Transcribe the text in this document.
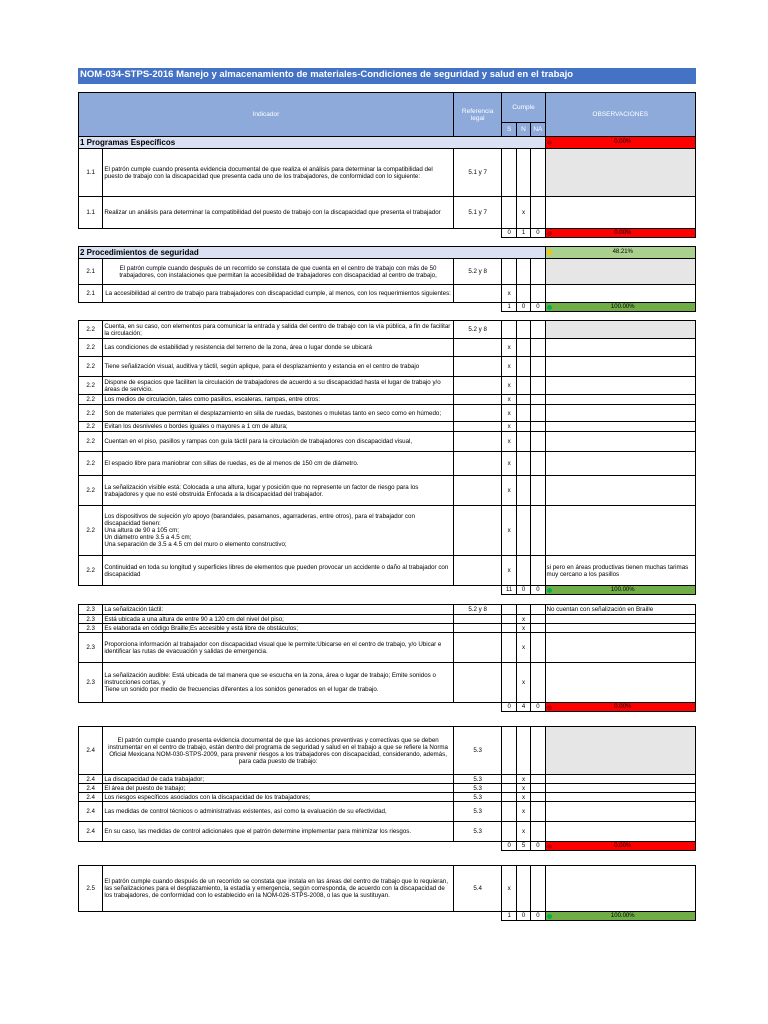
NOM-034-STPS-2016 Manejo y almacenamiento de materiales-Condiciones de seguridad y salud en el trabajo
Indicador		Referencia legal	Cumple			OBSERVACIONES
			S	N	NA	
1 Programas Específicos						0.00%
1.1	El patrón cumple cuando presenta evidencia documental de que realiza el análisis para determinar la compatibilidad del puesto de trabajo con la discapacidad que presenta cada uno de los trabajadores, de conformidad con lo siguiente:	5.1 y 7				
1.1	Realizar un análisis para determinar la compatibilidad del puesto de trabajo con la discapacidad que presenta el trabajador	5.1 y 7		x		
			0	1	0	0.00%

2 Procedimientos de seguridad						48.21%
2.1	El patrón cumple cuando después de un recorrido se constata de que cuenta en el centro de trabajo con más de 50 trabajadores, con instalaciones que permitan la accesibilidad de trabajadores con discapacidad al centro de trabajo,	5.2 y 8				
2.1	La accesibilidad al centro de trabajo para trabajadores con discapacidad cumple, al menos, con los requerimientos siguientes:		x			
			1	0	0	100.00%

2.2	Cuenta, en su caso, con elementos para comunicar la entrada y salida del centro de trabajo con la vía pública, a fin de facilitar la circulación;	5.2 y 8				
2.2	Las condiciones de estabilidad y resistencia del terreno de la zona, área o lugar donde se ubicará		x			
2.2	Tiene señalización visual, auditiva y táctil, según aplique, para el desplazamiento y estancia en el centro de trabajo		x			
2.2	Dispone de espacios que faciliten la circulación de trabajadores de acuerdo a su discapacidad hasta el lugar de trabajo y/o áreas de servicio.		x			
2.2	Los medios de circulación, tales como pasillos, escaleras, rampas, entre otros:		x			
2.2	Son de materiales que permitan el desplazamiento en silla de ruedas, bastones o muletas tanto en seco como en húmedo;		x			
2.2	Evitan los desniveles o bordes iguales o mayores a 1 cm de altura;		x			
2.2	Cuentan en el piso, pasillos y rampas con guía táctil para la circulación de trabajadores con discapacidad visual,		x			
2.2	El espacio libre para maniobrar con sillas de ruedas, es de al menos de 150 cm de diámetro.		x			
2.2	La señalización visible está: Colocada a una altura, lugar y posición que no represente un factor de riesgo para los trabajadores y que no esté obstruida Enfocada a la discapacidad del trabajador.		x			
2.2	Los dispositivos de sujeción y/o apoyo (barandales, pasamanos, agarraderas, entre otros), para el trabajador con discapacidad tienen:
Una altura de 90 a 105 cm;
Un diámetro entre 3.5 a 4.5 cm;
Una separación de 3.5 a 4.5 cm del muro o elemento constructivo;		x			
2.2	Continuidad en toda su longitud y superficies libres de elementos que pueden provocar un accidente o daño al trabajador con discapacidad		x			si pero en áreas productivas tienen muchas tarimas muy cercano a los pasillos
			11	0	0	100.00%

2.3	La señalización táctil:	5.2 y 8				No cuentan con señalización en Braille
2.3	Está ubicada a una altura de entre 90 a 120 cm del nivel del piso;			x		
2.3	Es elaborada en código Braille;Es accesible y está libre de obstáculos;			x		
2.3	Proporciona información al trabajador con discapacidad visual que le permite:Ubicarse en el centro de trabajo, y/o Ubicar e identificar las rutas de evacuación y salidas de emergencia.			x		
2.3	La señalización audible: Está ubicada de tal manera que se escucha en la zona, área o lugar de trabajo; Emite sonidos o instrucciones cortas, y
Tiene un sonido por medio de frecuencias diferentes a los sonidos generados en el lugar de trabajo.			x		
			0	4	0	0.00%

2.4	El patrón cumple cuando presenta evidencia documental de que las acciones preventivas y correctivas que se deben instrumentar en el centro de trabajo, están dentro del programa de seguridad y salud en el trabajo a que se refiere la Norma Oficial Mexicana NOM-030-STPS-2009, para prevenir riesgos a los trabajadores con discapacidad, considerando, además, para cada puesto de trabajo:	5.3				
2.4	La discapacidad de cada trabajador;	5.3		x		
2.4	El área del puesto de trabajo;	5.3		x		
2.4	Los riesgos específicos asociados con la discapacidad de los trabajadores;	5.3		x		
2.4	Las medidas de control técnicos o administrativas existentes, así como la evaluación de su efectividad,	5.3		x		
2.4	En su caso, las medidas de control adicionales que el patrón determine implementar para minimizar los riesgos.	5.3		x		
			0	5	0	0.00%

2.5	El patrón cumple cuando después de un recorrido se constata que instala en las áreas del centro de trabajo que lo requieran, las señalizaciones para el desplazamiento, la estadía y emergencia, según corresponda, de acuerdo con la discapacidad de los trabajadores, de conformidad con lo establecido en la NOM-026-STPS-2008, o las que la sustituyan.	5.4	x			
			1	0	0	100.00%
